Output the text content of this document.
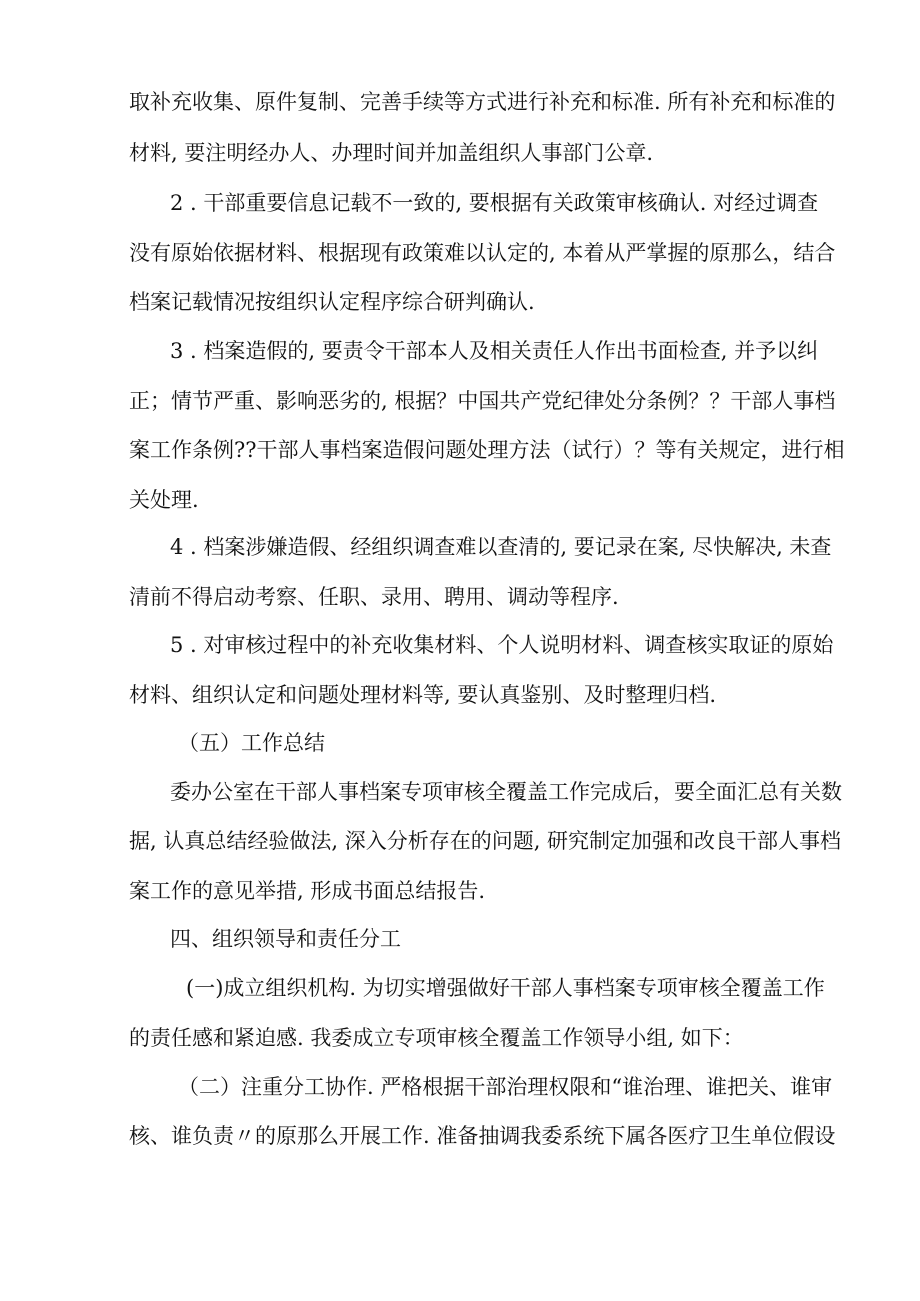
取补充收集、原件复制、完善手续等方式进行补充和标准. 所有补充和标准的
材料, 要注明经办人、办理时间并加盖组织人事部门公章.
2 . 干部重要信息记载不一致的, 要根据有关政策审核确认. 对经过调查
没有原始依据材料、根据现有政策难以认定的, 本着从严掌握的原那么，结合
档案记载情况按组织认定程序综合研判确认.
3 . 档案造假的, 要责令干部本人及相关责任人作出书面检查, 并予以纠
正；情节严重、影响恶劣的, 根据？中国共产党纪律处分条例？？干部人事档
案工作条例??干部人事档案造假问题处理方法（试行）？等有关规定，进行相
关处理.
4 . 档案涉嫌造假、经组织调查难以查清的, 要记录在案, 尽快解决, 未查
清前不得启动考察、任职、录用、聘用、调动等程序.
5 . 对审核过程中的补充收集材料、个人说明材料、调查核实取证的原始
材料、组织认定和问题处理材料等, 要认真鉴别、及时整理归档.
（五）工作总结
委办公室在干部人事档案专项审核全覆盖工作完成后，要全面汇总有关数
据, 认真总结经验做法, 深入分析存在的问题, 研究制定加强和改良干部人事档
案工作的意见举措, 形成书面总结报告.
四、组织领导和责任分工
(一)成立组织机构. 为切实增强做好干部人事档案专项审核全覆盖工作
的责任感和紧迫感. 我委成立专项审核全覆盖工作领导小组, 如下：
（二）注重分工协作. 严格根据干部治理权限和“谁治理、谁把关、谁审
核、谁负责〃的原那么开展工作. 准备抽调我委系统下属各医疗卫生单位假设
